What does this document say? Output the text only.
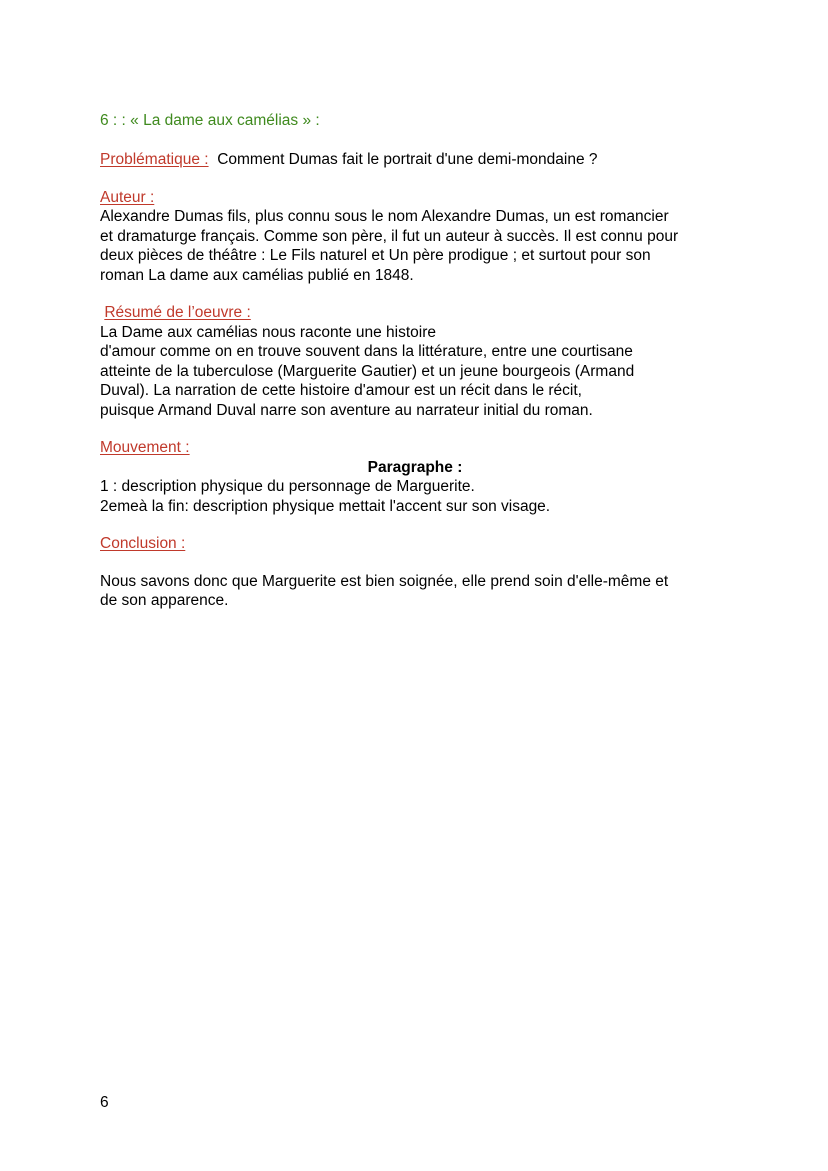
6 : : « La dame aux camélias » :

Problématique : Comment Dumas fait le portrait d'une demi-mondaine ?

Auteur :
Alexandre Dumas fils, plus connu sous le nom Alexandre Dumas, un est romancier
et dramaturge français. Comme son père, il fut un auteur à succès. Il est connu pour
deux pièces de théâtre : Le Fils naturel et Un père prodigue ; et surtout pour son
roman La dame aux camélias publié en 1848.
Résumé de l’oeuvre :
La Dame aux camélias nous raconte une histoire
d'amour comme on en trouve souvent dans la littérature, entre une courtisane
atteinte de la tuberculose (Marguerite Gautier) et un jeune bourgeois (Armand
Duval). La narration de cette histoire d'amour est un récit dans le récit,
puisque Armand Duval narre son aventure au narrateur initial du roman.
Mouvement :
Paragraphe :
1 : description physique du personnage de Marguerite.
2emeà la fin: description physique mettait l'accent sur son visage.
Conclusion :
Nous savons donc que Marguerite est bien soignée, elle prend soin d'elle-même et
de son apparence.
6
